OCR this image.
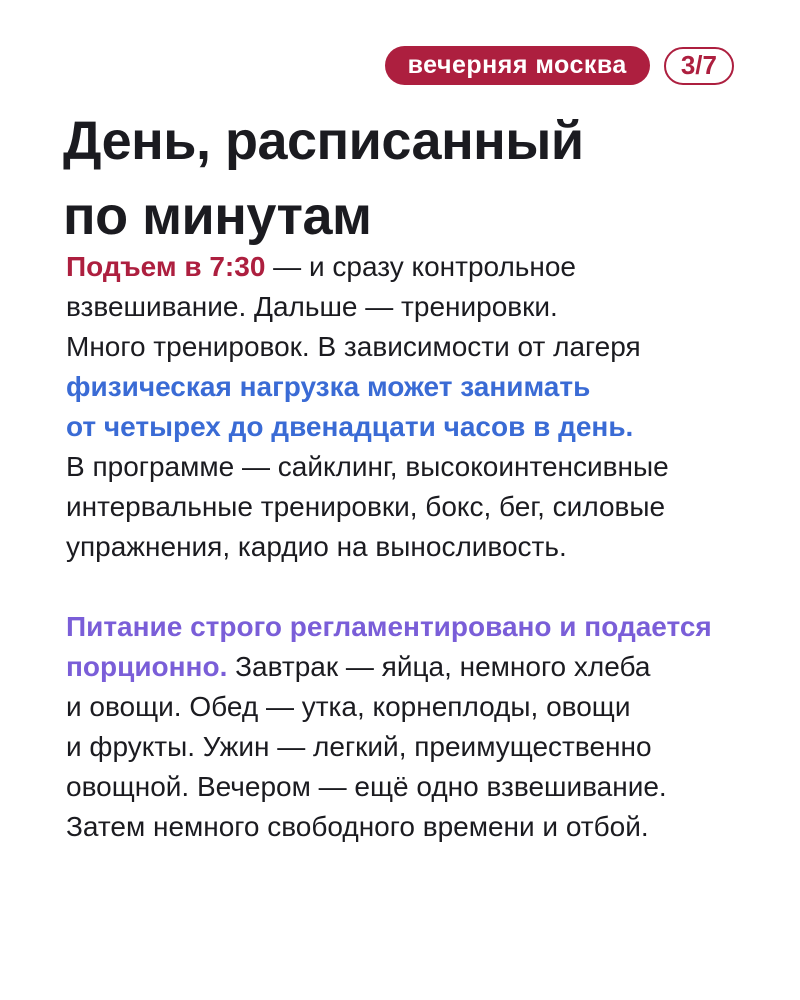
вечерняя москва 3/7
День, расписанный
по минутам

Подъем в 7:30 — и сразу контрольное
взвешивание. Дальше — тренировки.
Много тренировок. В зависимости от лагеря
физическая нагрузка может занимать
от четырех до двенадцати часов в день.
В программе — сайклинг, высокоинтенсивные
интервальные тренировки, бокс, бег, силовые
упражнения, кардио на выносливость.

Питание строго регламентировано и подается
порционно. Завтрак — яйца, немного хлеба
и овощи. Обед — утка, корнеплоды, овощи
и фрукты. Ужин — легкий, преимущественно
овощной. Вечером — ещё одно взвешивание.
Затем немного свободного времени и отбой.
